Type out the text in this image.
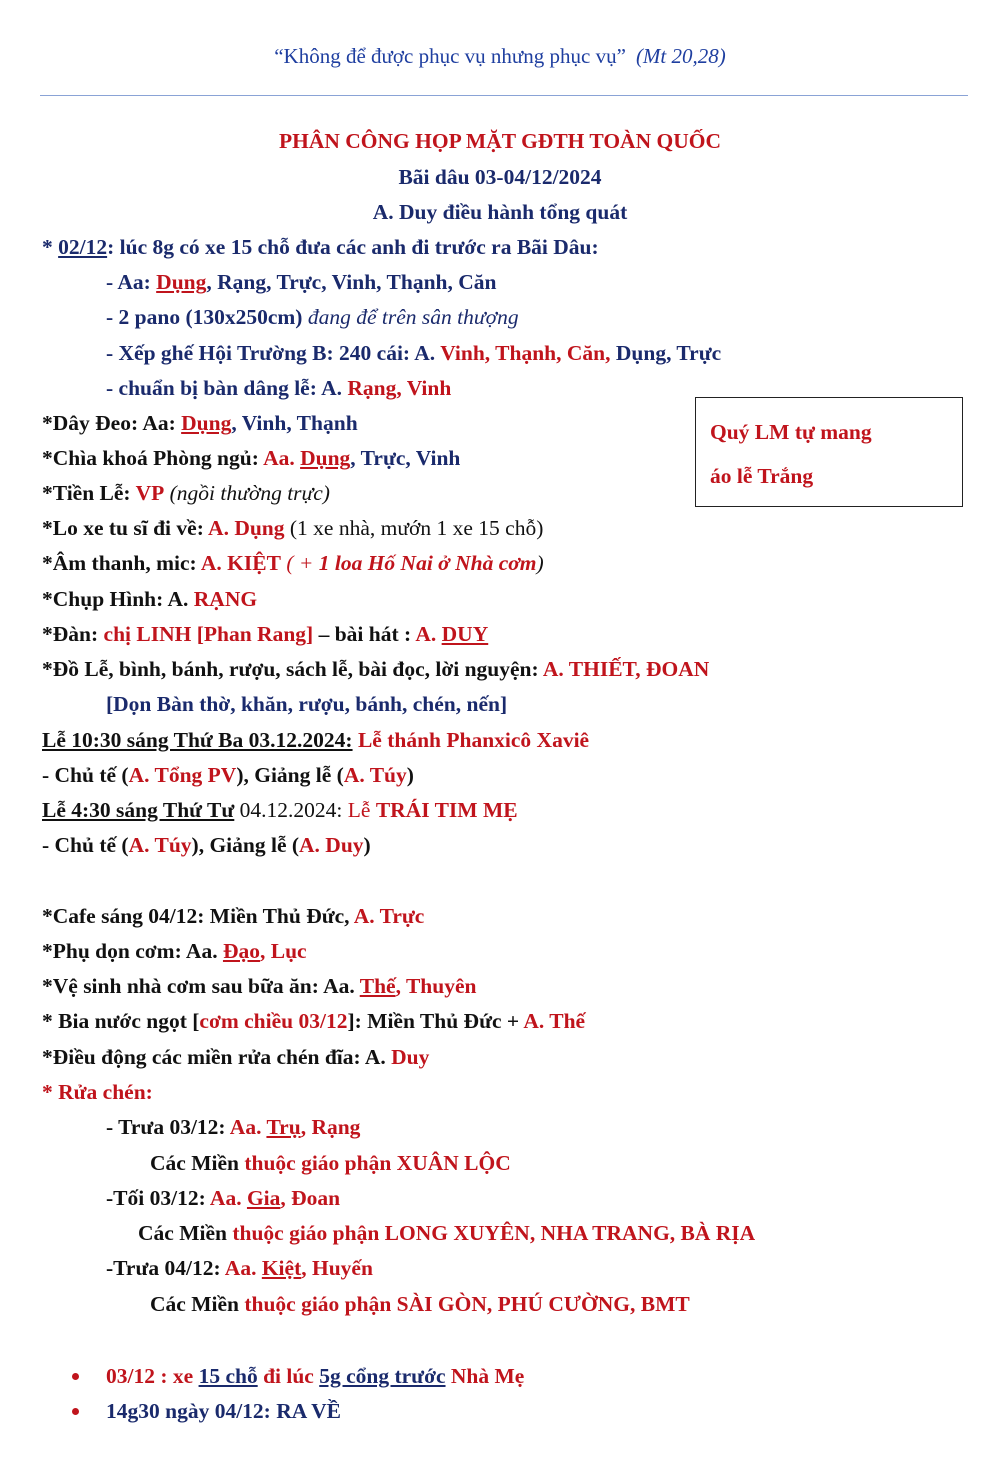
“Không để được phục vụ nhưng phục vụ” (Mt 20,28)
PHÂN CÔNG HỌP MẶT GĐTH TOÀN QUỐC
Bãi dâu 03-04/12/2024
A. Duy điều hành tổng quát
* 02/12: lúc 8g có xe 15 chỗ đưa các anh đi trước ra Bãi Dâu:
- Aa: Dụng, Rạng, Trực, Vinh, Thạnh, Căn
- 2 pano (130x250cm) đang để trên sân thượng
- Xếp ghế Hội Trường B: 240 cái: A. Vinh, Thạnh, Căn, Dụng, Trực
- chuẩn bị bàn dâng lễ: A. Rạng, Vinh
*Dây Đeo: Aa: Dụng, Vinh, Thạnh
*Chìa khoá Phòng ngủ: Aa. Dụng, Trực, Vinh
*Tiền Lễ: VP (ngồi thường trực)
*Lo xe tu sĩ đi về: A. Dụng (1 xe nhà, mướn 1 xe 15 chỗ)
*Âm thanh, mic: A. KIỆT ( + 1 loa Hố Nai ở Nhà cơm)
*Chụp Hình: A. RẠNG
*Đàn: chị LINH [Phan Rang] – bài hát : A. DUY
*Đồ Lễ, bình, bánh, rượu, sách lễ, bài đọc, lời nguyện: A. THIẾT, ĐOAN
[Dọn Bàn thờ, khăn, rượu, bánh, chén, nến]
Lễ 10:30 sáng Thứ Ba 03.12.2024: Lễ thánh Phanxicô Xaviê
- Chủ tế (A. Tổng PV), Giảng lễ (A. Túy)
Lễ 4:30 sáng Thứ Tư 04.12.2024: Lễ TRÁI TIM MẸ
- Chủ tế (A. Túy), Giảng lễ (A. Duy)
*Cafe sáng 04/12: Miền Thủ Đức, A. Trực
*Phụ dọn cơm: Aa. Đạo, Lục
*Vệ sinh nhà cơm sau bữa ăn: Aa. Thế, Thuyên
* Bia nước ngọt [cơm chiều 03/12]: Miền Thủ Đức + A. Thế
*Điều động các miền rửa chén đĩa: A. Duy
* Rửa chén:
- Trưa 03/12: Aa. Trụ, Rạng
Các Miền thuộc giáo phận XUÂN LỘC
-Tối 03/12: Aa. Gia, Đoan
Các Miền thuộc giáo phận LONG XUYÊN, NHA TRANG, BÀ RỊA
-Trưa 04/12: Aa. Kiệt, Huyến
Các Miền thuộc giáo phận SÀI GÒN, PHÚ CƯỜNG, BMT
03/12 : xe 15 chỗ đi lúc 5g cổng trước Nhà Mẹ
14g30 ngày 04/12: RA VỀ
Quý LM tự mang
áo lễ Trắng
